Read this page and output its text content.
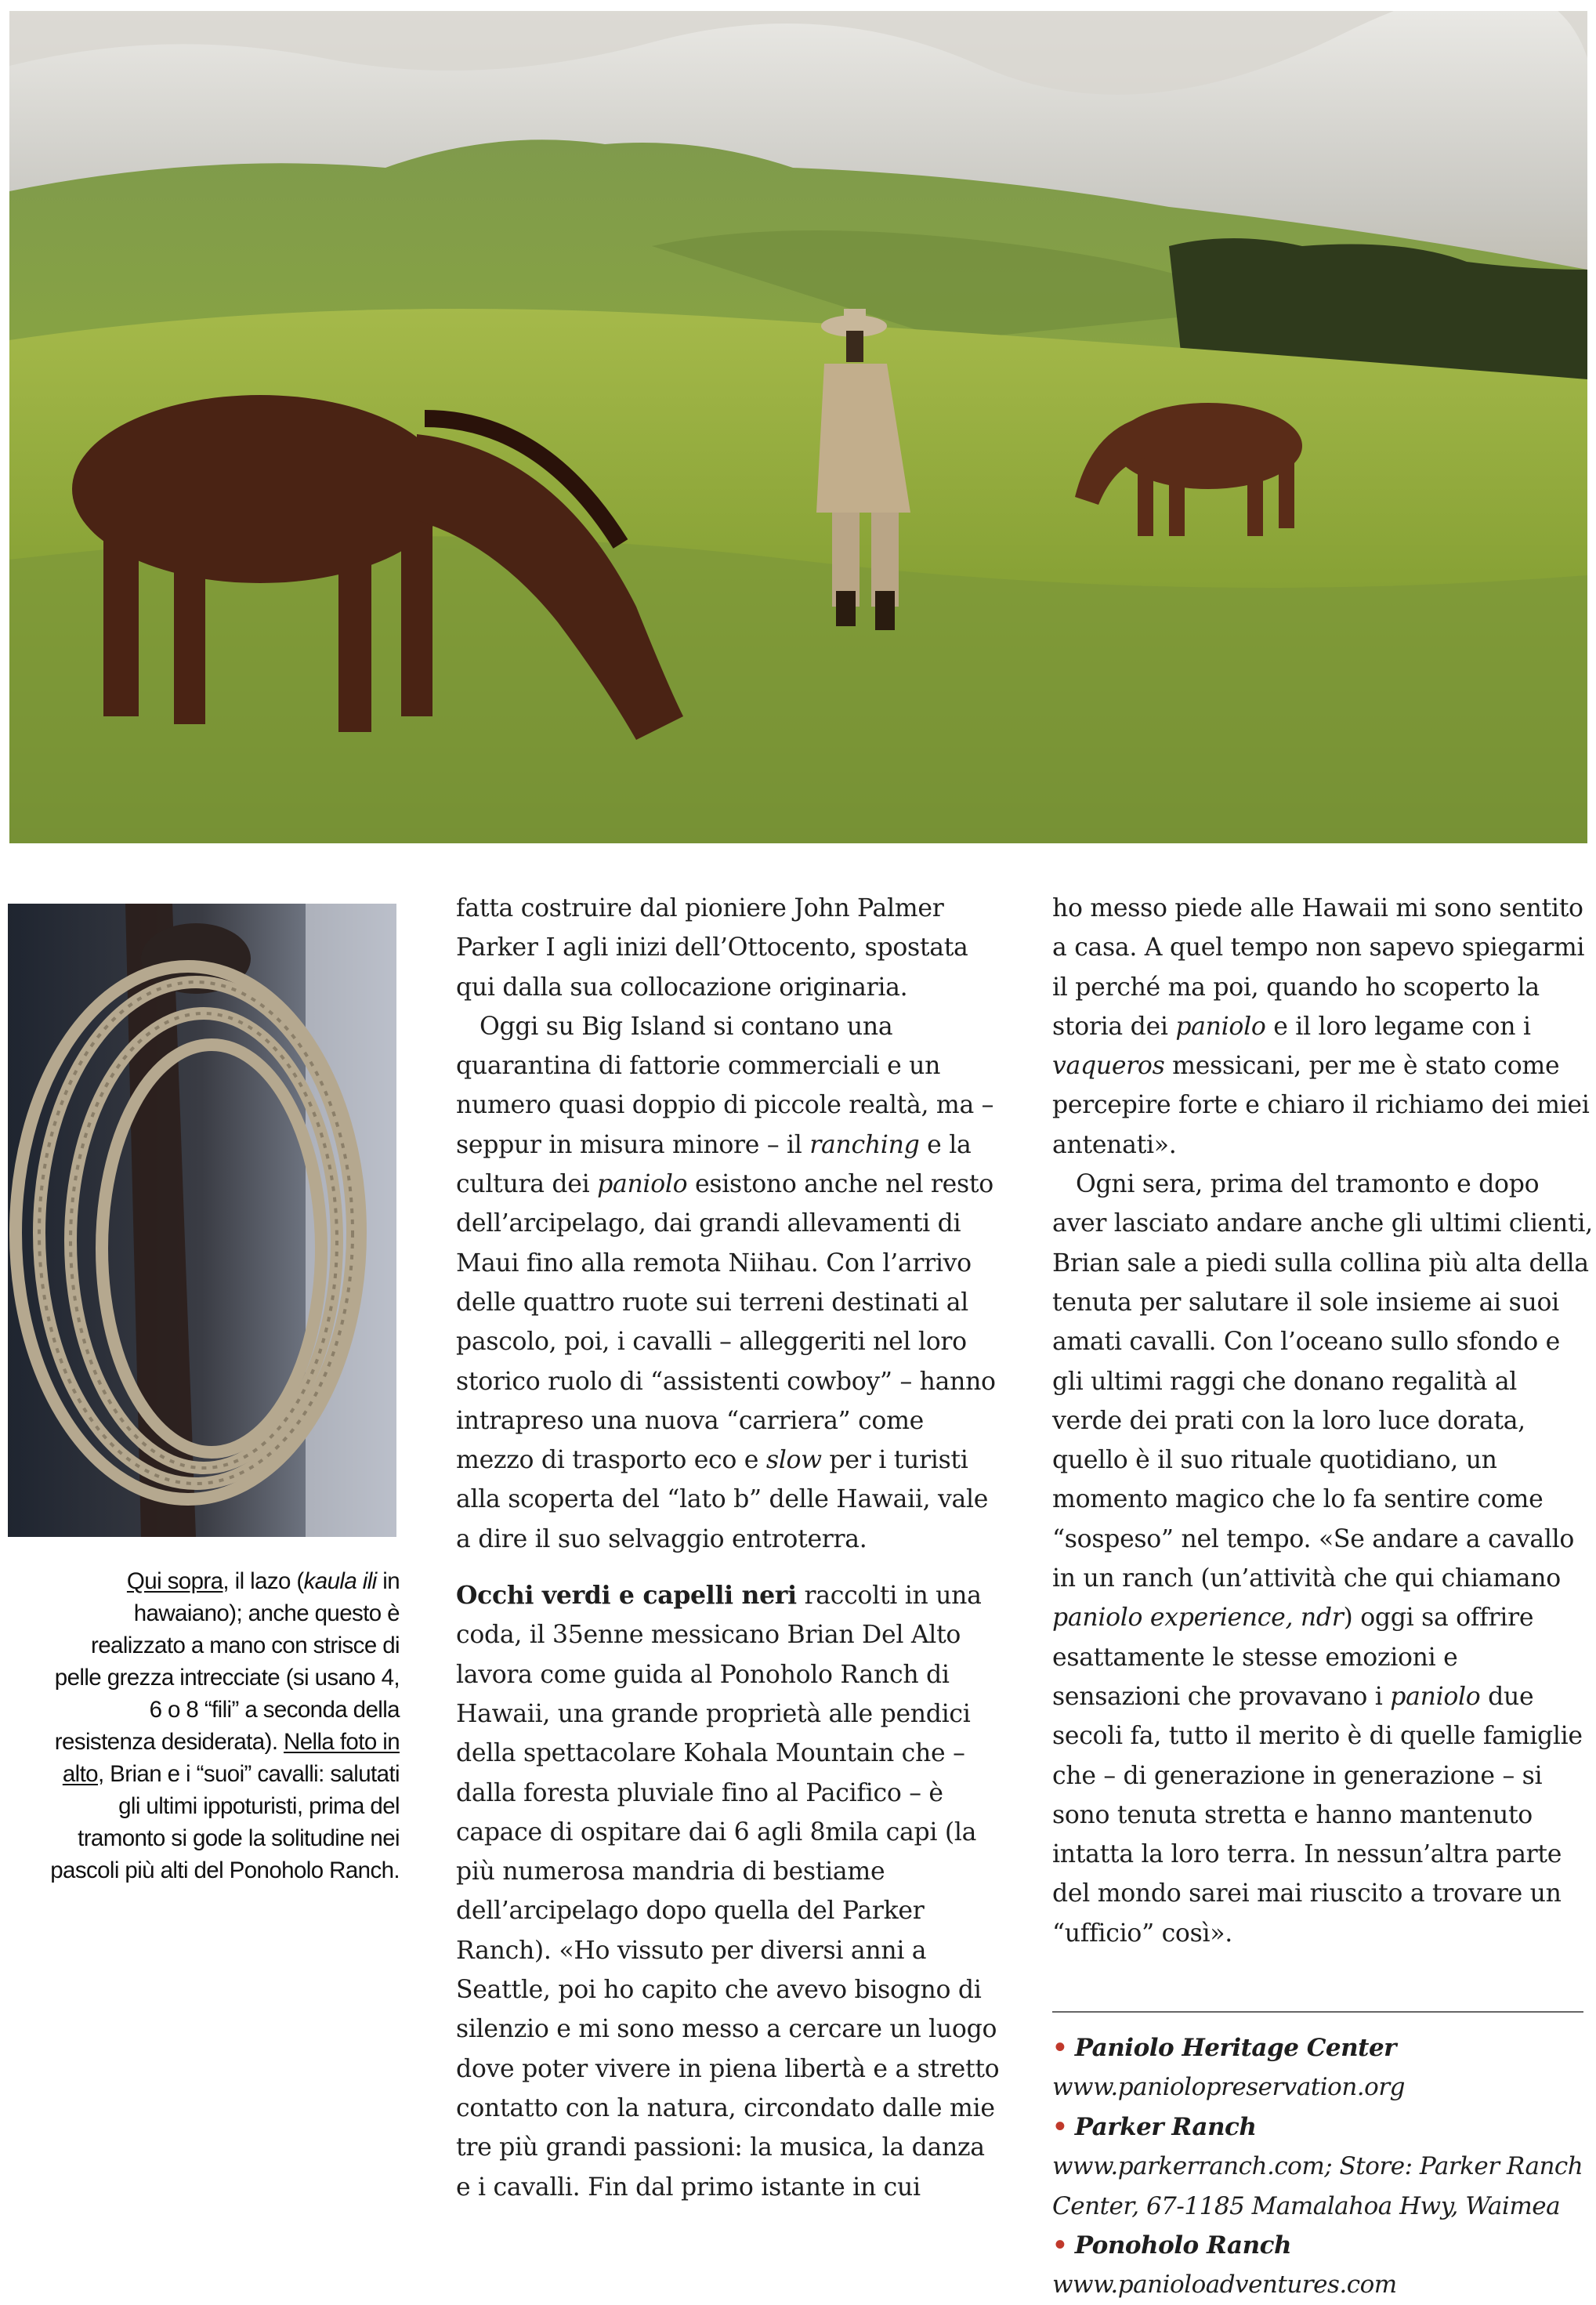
Qui sopra, il lazo (kaula ili in hawaiano); anche questo è realizzato a mano con strisce di pelle grezza intrecciate (si usano 4, 6 o 8 “fili” a seconda della resistenza desiderata). Nella foto in alto, Brian e i “suoi” cavalli: salutati gli ultimi ippoturisti, prima del tramonto si gode la solitudine nei pascoli più alti del Ponoholo Ranch.

fatta costruire dal pioniere John Palmer Parker I agli inizi dell’Ottocento, spostata qui dalla sua collocazione originaria.

Oggi su Big Island si contano una quarantina di fattorie commerciali e un numero quasi doppio di piccole realtà, ma – seppur in misura minore – il ranching e la cultura dei paniolo esistono anche nel resto dell’arcipelago, dai grandi allevamenti di Maui fino alla remota Niihau. Con l’arrivo delle quattro ruote sui terreni destinati al pascolo, poi, i cavalli – alleggeriti nel loro storico ruolo di “assistenti cowboy” – hanno intrapreso una nuova “carriera” come mezzo di trasporto eco e slow per i turisti alla scoperta del “lato b” delle Hawaii, vale a dire il suo selvaggio entroterra.

Occhi verdi e capelli neri raccolti in una coda, il 35enne messicano Brian Del Alto lavora come guida al Ponoholo Ranch di Hawaii, una grande proprietà alle pendici della spettacolare Kohala Mountain che – dalla foresta pluviale fino al Pacifico – è capace di ospitare dai 6 agli 8mila capi (la più numerosa mandria di bestiame dell’arcipelago dopo quella del Parker Ranch). «Ho vissuto per diversi anni a Seattle, poi ho capito che avevo bisogno di silenzio e mi sono messo a cercare un luogo dove poter vivere in piena libertà e a stretto contatto con la natura, circondato dalle mie tre più grandi passioni: la musica, la danza e i cavalli. Fin dal primo istante in cui

ho messo piede alle Hawaii mi sono sentito a casa. A quel tempo non sapevo spiegarmi il perché ma poi, quando ho scoperto la storia dei paniolo e il loro legame con i vaqueros messicani, per me è stato come percepire forte e chiaro il richiamo dei miei antenati».

Ogni sera, prima del tramonto e dopo aver lasciato andare anche gli ultimi clienti, Brian sale a piedi sulla collina più alta della tenuta per salutare il sole insieme ai suoi amati cavalli. Con l’oceano sullo sfondo e gli ultimi raggi che donano regalità al verde dei prati con la loro luce dorata, quello è il suo rituale quotidiano, un momento magico che lo fa sentire come “sospeso” nel tempo. «Se andare a cavallo in un ranch (un’attività che qui chiamano paniolo experience, ndr) oggi sa offrire esattamente le stesse emozioni e sensazioni che provavano i paniolo due secoli fa, tutto il merito è di quelle famiglie che – di generazione in generazione – si sono tenuta stretta e hanno mantenuto intatta la loro terra. In nessun’altra parte del mondo sarei mai riuscito a trovare un “ufficio” così».

• Paniolo Heritage Center

www.paniolopreservation.org

• Parker Ranch

www.parkerranch.com; Store: Parker Ranch Center, 67-1185 Mamalahoa Hwy, Waimea

• Ponoholo Ranch

www.panioloadventures.com
